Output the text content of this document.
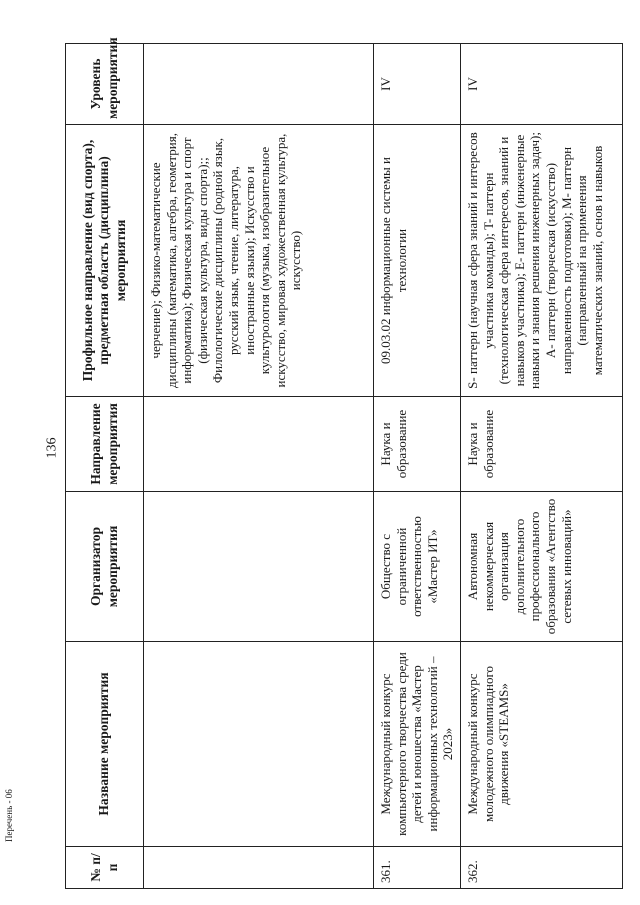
136
№ п/п	Название мероприятия	Организатор мероприятия	Направление мероприятия	Профильное направление (вид спорта), предметная область (дисциплина) мероприятия	Уровень мероприятия
				черчение); Физико-математические дисциплины (математика, алгебра, геометрия, информатика); Физическая культура и спорт (физическая культура, виды спорта);; Филологические дисциплины (родной язык, русский язык, чтение, литература, иностранные языки); Искусство и культурология (музыка, изобразительное искусство, мировая художественная культура, искусство)	
361.	Международный конкурс компьютерного творчества среди детей и юношества «Мастер информационных технологий – 2023»	Общество с ограниченной ответственностью «Мастер ИТ»	Наука и образование	09.03.02 информационные системы и технологии	IV
362.	Международный конкурс молодежного олимпиадного движения «STEAMS»	Автономная некоммерческая организация дополнительного профессионального образования «Агентство сетевых инноваций»	Наука и образование	S- паттерн (научная сфера знаний и интересов участника команды); T- паттерн (технологическая сфера интересов, знаний и навыков участника); E- паттерн (инженерные навыки и знания решения инженерных задач); A- паттерн (творческая (искусство) направленность подготовки); M- паттерн (направленный на применения математических знаний, основ и навыков	IV
Перечень - 06
